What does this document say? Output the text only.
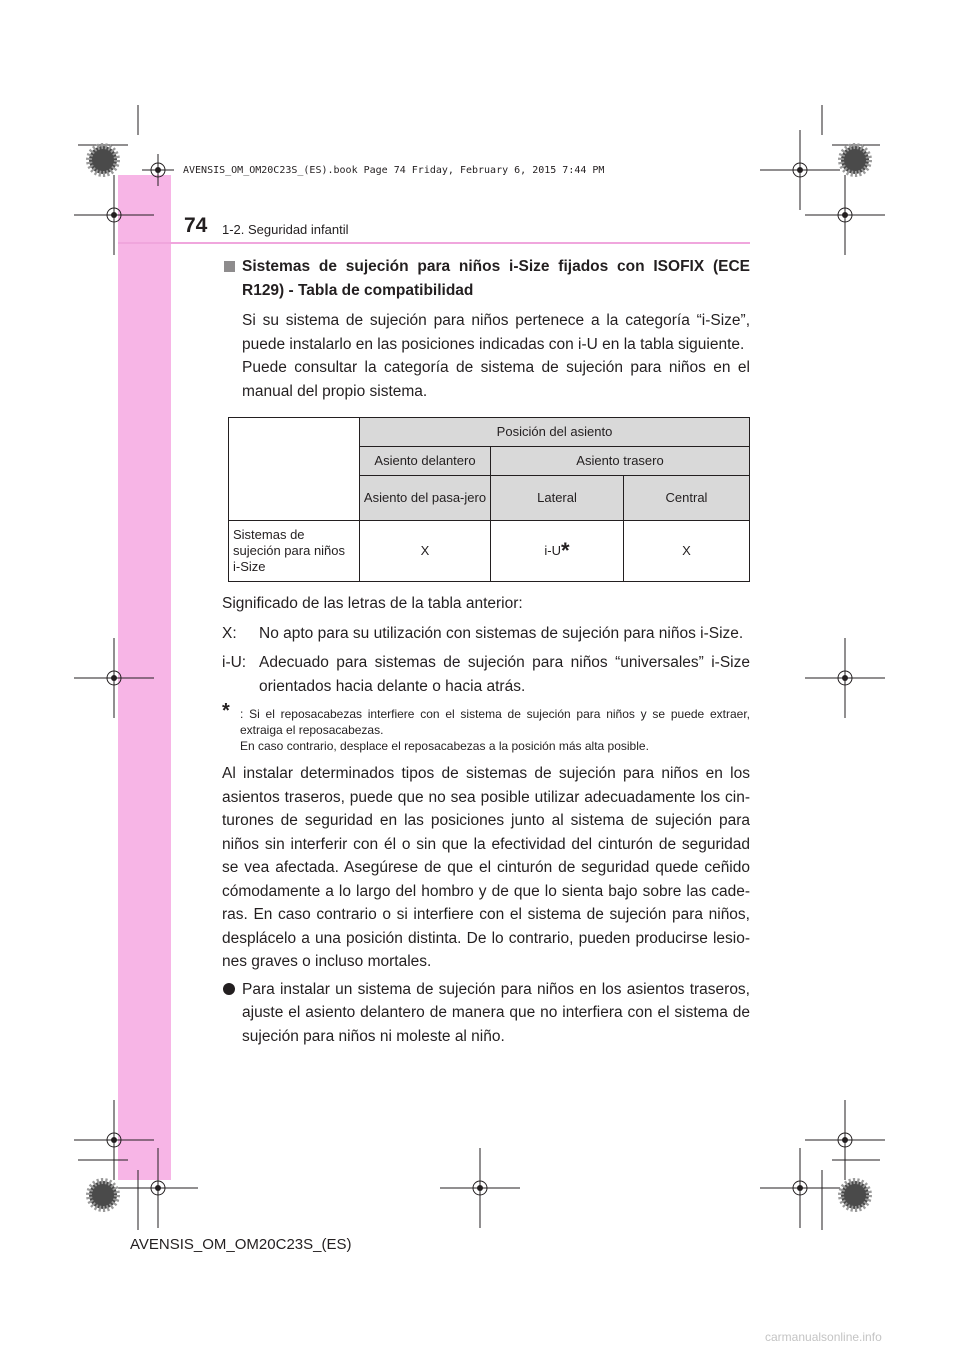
AVENSIS_OM_OM20C23S_(ES).book Page 74 Friday, February 6, 2015 7:44 PM
74 1-2. Seguridad infantil
Sistemas de sujeción para niños i-Size fijados con ISOFIX (ECE R129) - Tabla de compatibilidad
Si su sistema de sujeción para niños pertenece a la categoría “i-Size”, puede instalarlo en las posiciones indicadas con i-U en la tabla siguiente.
Puede consultar la categoría de sistema de sujeción para niños en el manual del propio sistema.
	Posición del asiento		
	Asiento delantero	Asiento trasero	
	Asiento del pasa-jero	Lateral	Central
Sistemas de sujeción para niños i-Size	X	i-U*	X
Significado de las letras de la tabla anterior:
X: No apto para su utilización con sistemas de sujeción para niños i-Size.
i-U: Adecuado para sistemas de sujeción para niños “universales” i-Size orientados hacia delante o hacia atrás.
* : Si el reposacabezas interfiere con el sistema de sujeción para niños y se puede extraer, extraiga el reposacabezas.
En caso contrario, desplace el reposacabezas a la posición más alta posible.
Al instalar determinados tipos de sistemas de sujeción para niños en los asientos traseros, puede que no sea posible utilizar adecuadamente los cin-turones de seguridad en las posiciones junto al sistema de sujeción para niños sin interferir con él o sin que la efectividad del cinturón de seguridad se vea afectada. Asegúrese de que el cinturón de seguridad quede ceñido cómodamente a lo largo del hombro y de que lo sienta bajo sobre las cade-ras. En caso contrario o si interfiere con el sistema de sujeción para niños, desplácelo a una posición distinta. De lo contrario, pueden producirse lesio-nes graves o incluso mortales.
Para instalar un sistema de sujeción para niños en los asientos traseros, ajuste el asiento delantero de manera que no interfiera con el sistema de sujeción para niños ni moleste al niño.
AVENSIS_OM_OM20C23S_(ES)
carmanualsonline.info
